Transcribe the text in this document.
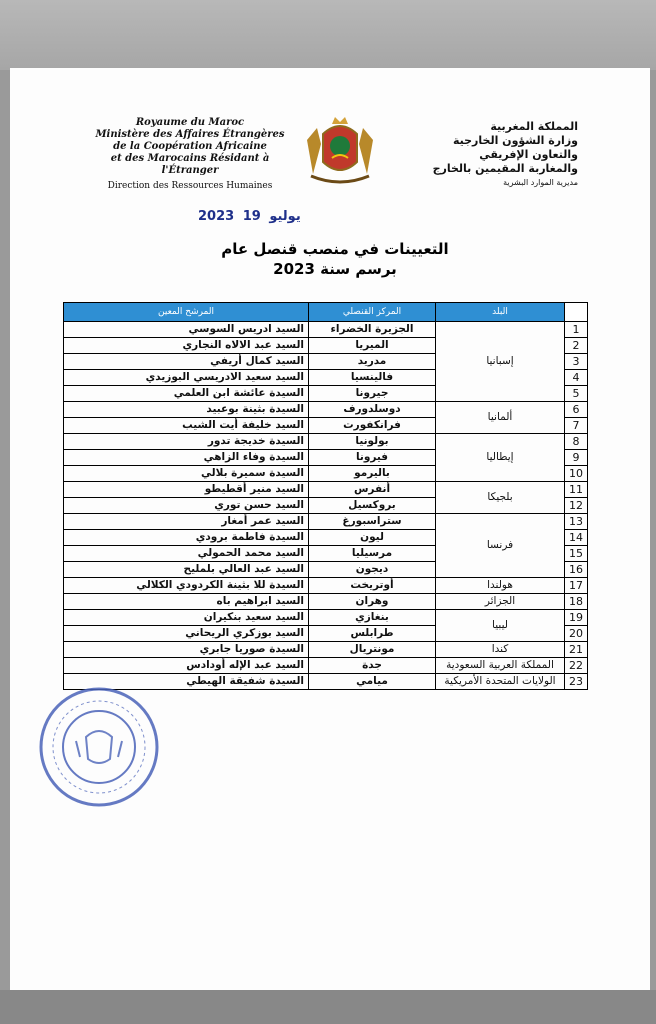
Royaume du Maroc
Ministère des Affaires Étrangères
de la Coopération Africaine
et des Marocains Résidant à l'Étranger
Direction des Ressources Humaines
المملكة المغربية
وزارة الشؤون الخارجية
والتعاون الإفريقي
والمغاربة المقيمين بالخارج
مديرية الموارد البشرية
2023	يوليو 19
التعيينات في منصب قنصل عام
برسم سنة 2023
	البلد	المركز القنصلي	المرشح المعين
1	إسبانيا	الجزيرة الخضراء	السيد ادريس السوسي
2		الميريا	السيد عبد الالاه النجاري
3		مدريد	السيد كمال أريفي
4		فالينسيا	السيد سعيد الادريسي البوزيدي
5		جيرونا	السيدة عائشة ابن العلمي
6	ألمانيا	دوسلدورف	السيدة بثينة بوعبيد
7		فرانكفورت	السيد خليفة أيت الشيب
8	إيطاليا	بولونيا	السيدة خديجة تدور
9		فيرونا	السيدة وفاء الزاهي
10		باليرمو	السيدة سميرة بلالي
11	بلجيكا	أنفرس	السيد منير أقطيطو
12		بروكسيل	السيد حسن توري
13	فرنسا	ستراسبورغ	السيد عمر أمغار
14		ليون	السيدة فاطمة برودي
15		مرسيليا	السيد محمد الحمولي
16		ديجون	السيد عبد العالي بلمليح
17	هولندا	أوتريخت	السيدة للا بثينة الكردودي الكلالي
18	الجزائر	وهران	السيد ابراهيم باه
19	ليبيا	بنغازي	السيد سعيد بنكيران
20		طرابلس	السيد بوزكري الريحاني
21	كندا	مونتريال	السيدة صوريا جابري
22	المملكة العربية السعودية	جدة	السيد عبد الإله أودادس
23	الولايات المتحدة الأمريكية	ميامي	السيدة شفيقة الهيطي
